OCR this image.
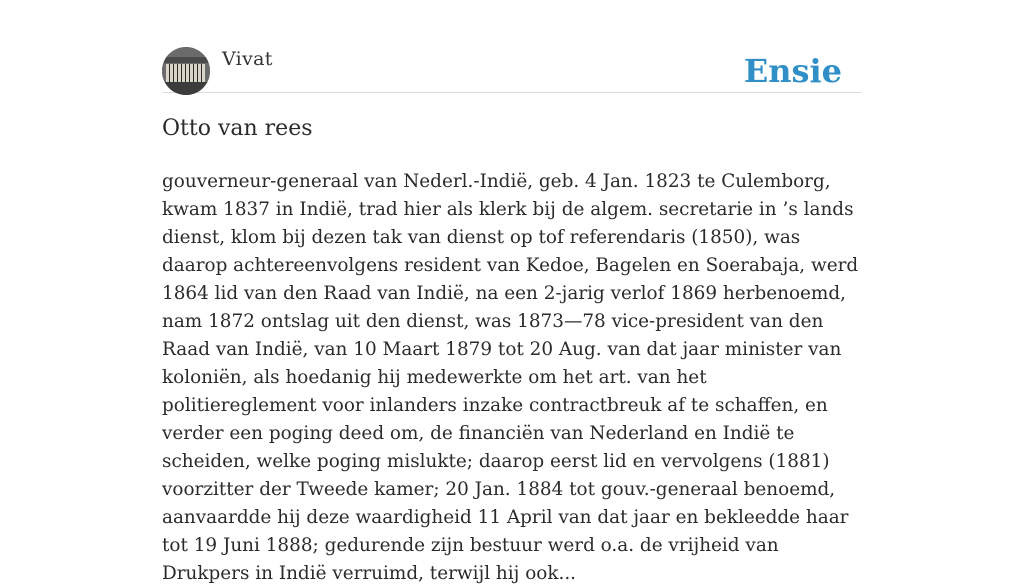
Vivat	Ensie
Otto van rees

gouverneur-generaal van Nederl.-Indië, geb. 4 Jan. 1823 te Culemborg, kwam 1837 in Indië, trad hier als klerk bij de algem. secretarie in ’s lands dienst, klom bij dezen tak van dienst op tof referendaris (1850), was daarop achtereenvolgens resident van Kedoe, Bagelen en Soerabaja, werd 1864 lid van den Raad van Indië, na een 2-jarig verlof 1869 herbenoemd, nam 1872 ontslag uit den dienst, was 1873—78 vice-president van den Raad van Indië, van 10 Maart 1879 tot 20 Aug. van dat jaar minister van koloniën, als hoedanig hij medewerkte om het art. van het politiereglement voor inlanders inzake contractbreuk af te schaffen, en verder een poging deed om, de financiën van Nederland en Indië te scheiden, welke poging mislukte; daarop eerst lid en vervolgens (1881) voorzitter der Tweede kamer; 20 Jan. 1884 tot gouv.-generaal benoemd, aanvaardde hij deze waardigheid 11 April van dat jaar en bekleedde haar tot 19 Juni 1888; gedurende zijn bestuur werd o.a. de vrijheid van Drukpers in Indië verruimd, terwijl hij ook...
